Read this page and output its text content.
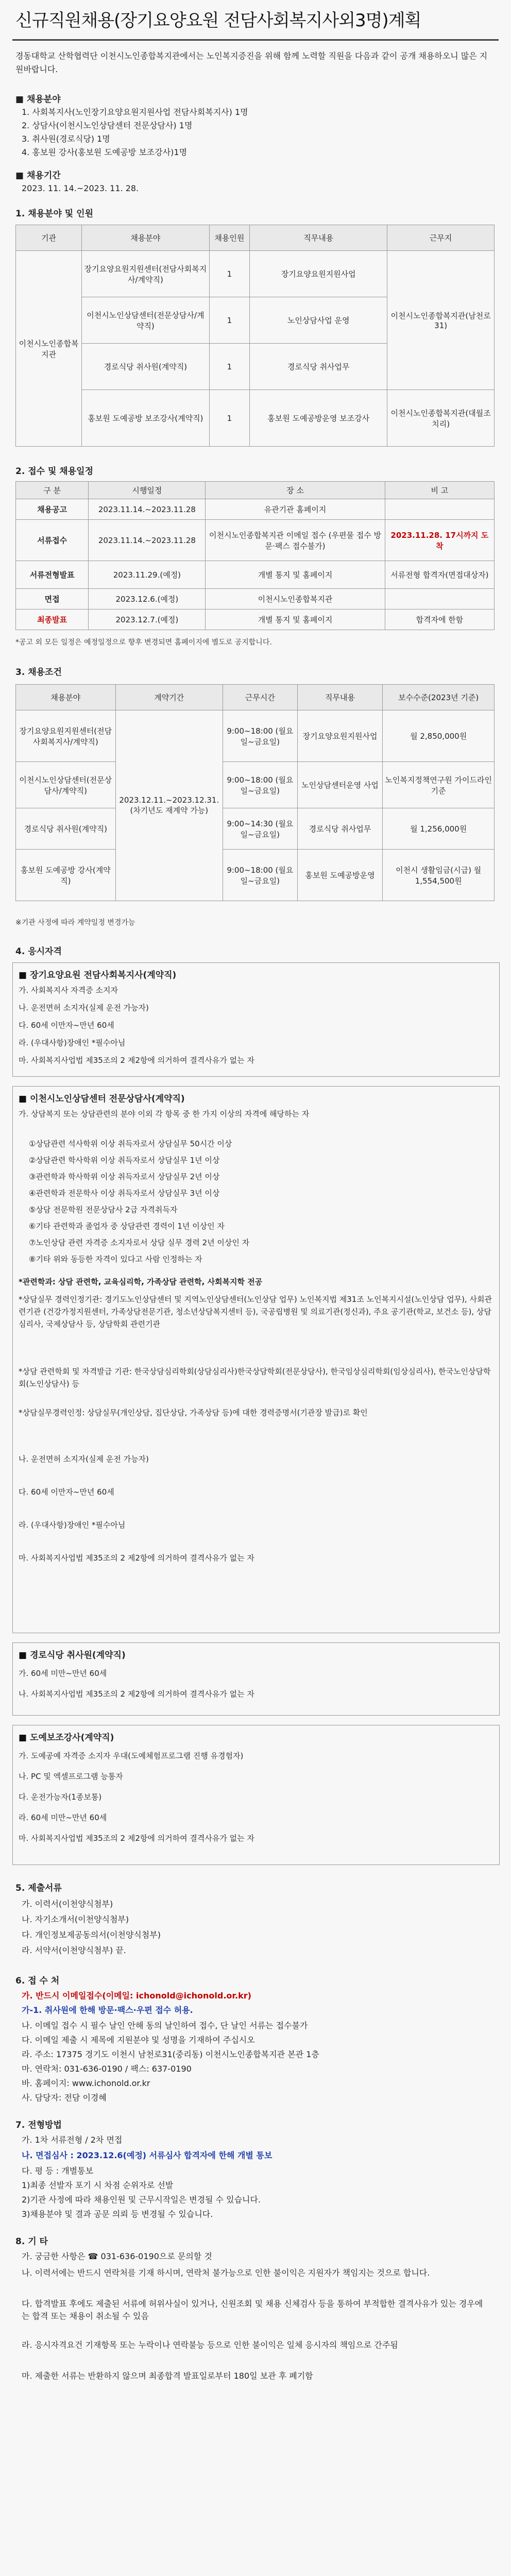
신규직원채용(장기요양요원 전담사회복지사외3명)계획
경동대학교 산학협력단 이천시노인종합복지관에서는 노인복지증진을 위해 함께 노력할 직원을 다음과 같이 공개 채용하오니 많은 지원바랍니다.
■ 채용분야
1. 사회복지사(노인장기요양요원지원사업 전담사회복지사) 1명
2. 상담사(이천시노인상담센터 전문상담사) 1명
3. 취사원(경로식당) 1명
4. 홍보원 강사(홍보원 도예공방 보조강사)1명
■ 채용기간
2023. 11. 14.~2023. 11. 28.
1. 채용분야 및 인원
기관	채용분야	채용인원	직무내용	근무지
이천시노인종합복지관	장기요양요원지원센터(전담사회복지사/계약직)	1	장기요양요원지원사업	이천시노인종합복지관(남천로 31)
	이천시노인상담센터(전문상담사/계약직)	1	노인상담사업 운영	
	경로식당 취사원(계약직)	1	경로식당 취사업무	
	홍보원 도예공방 보조강사(계약직)	1	홍보원 도예공방운영 보조강사	이천시노인종합복지관(대월조치리)
2. 접수 및 채용일정
구 분	시행일정	장 소	비 고
채용공고	2023.11.14.~2023.11.28	유관기관 홈페이지	
서류접수	2023.11.14.~2023.11.28	이천시노인종합복지관 이메일 접수 (우편물 접수 방문·팩스 접수불가)	2023.11.28. 17시까지 도착
서류전형발표	2023.11.29.(예정)	개별 통지 및 홈페이지	서류전형 합격자(면접대상자)
면접	2023.12.6.(예정)	이천시노인종합복지관	
최종발표	2023.12.7.(예정)	개별 통지 및 홈페이지	합격자에 한함
*공고 외 모든 일정은 예정일정으로 향후 변경되면 홈페이지에 별도로 공지합니다.
3. 채용조건
채용분야	계약기간	근무시간	직무내용	보수수준(2023년 기준)
장기요양요원지원센터(전담사회복지사/계약직)	2023.12.11.~2023.12.31.(차기년도 재계약 가능)	9:00~18:00 (월요일~금요일)	장기요양요원지원사업	월 2,850,000원
이천시노인상담센터(전문상담사/계약직)		9:00~18:00 (월요일~금요일)	노인상담센터운영 사업	노인복지정책연구원 가이드라인 기준
경로식당 취사원(계약직)		9:00~14:30 (월요일~금요일)	경로식당 취사업무	월 1,256,000원
홍보원 도예공방 강사(계약직)		9:00~18:00 (월요일~금요일)	홍보원 도예공방운영	이천시 생활임금(시급) 월 1,554,500원
※기관 사정에 따라 계약일정 변경가능
4. 응시자격
■ 장기요양요원 전담사회복지사(계약직)
가. 사회복지사 자격증 소지자
나. 운전면허 소지자(실제 운전 가능자)
다. 60세 이만자~만년 60세
라. (우대사항)장애인 *필수아님
마. 사회복지사업법 제35조의 2 제2항에 의거하여 결격사유가 없는 자
■ 이천시노인상담센터 전문상담사(계약직)
가. 상담복지 또는 상담관련의 분야 이외 각 항목 중 한 가지 이상의 자격에 해당하는 자
①상담관련 석사학위 이상 취득자로서 상담실무 50시간 이상
②상담관련 학사학위 이상 취득자로서 상담실무 1년 이상
③관련학과 학사학위 이상 취득자로서 상담실무 2년 이상
④관련학과 전문학사 이상 취득자로서 상담실무 3년 이상
⑤상담 전문학원 전문상담사 2급 자격취득자
⑥기타 관련학과 졸업자 중 상담관련 경력이 1년 이상인 자
⑦노인상담 관련 자격증 소지자로서 상담 실무 경력 2년 이상인 자
⑧기타 위와 동등한 자격이 있다고 사람 인정하는 자
*관련학과: 상담 관련학, 교육심리학, 가족상담 관련학, 사회복지학 전공
*상담실무 경력인정기관: 경기도노인상담센터 및 지역노인상담센터(노인상담 업무) 노인복지법 제31조 노인복지시설(노인상담 업무), 사회관련기관 (건강가정지원센터, 가족상담전문기관, 청소년상담복지센터 등), 국공립병원 및 의료기관(정신과), 주요 공기관(학교, 보건소 등), 상담심리사, 국제상담사 등, 상담학회 관련기관
*상담 관련학회 및 자격발급 기관: 한국상담심리학회(상담심리사)한국상담학회(전문상담사), 한국임상심리학회(임상심리사), 한국노인상담학회(노인상담사) 등
*상담실무경력인정: 상담실무(개인상담, 집단상담, 가족상담 등)에 대한 경력증명서(기관장 발급)로 확인
나. 운전면허 소지자(실제 운전 가능자)
다. 60세 이만자~만년 60세
라. (우대사항)장애인 *필수아님
마. 사회복지사업법 제35조의 2 제2항에 의거하여 결격사유가 없는 자
■ 경로식당 취사원(계약직)
가. 60세 미만~만년 60세
나. 사회복지사업법 제35조의 2 제2항에 의거하여 결격사유가 없는 자
■ 도예보조강사(계약직)
가. 도예공예 자격증 소지자 우대(도예체험프로그램 진행 유경험자)
나. PC 및 엑셀프로그램 능통자
다. 운전가능자(1종보통)
라. 60세 미만~만년 60세
마. 사회복지사업법 제35조의 2 제2항에 의거하여 결격사유가 없는 자
5. 제출서류
가. 이력서(이천양식첨부)
나. 자기소개서(이천양식첨부)
다. 개인정보제공동의서(이천양식첨부)
라. 서약서(이천양식첨부) 끝.
6. 접 수 처
가. 반드시 이메일접수(이메일: ichonold@ichonold.or.kr)
가-1. 취사원에 한해 방문·팩스·우편 접수 허용.
나. 이메일 접수 시 필수 날인 안해 동의 날인하여 접수, 단 날인 서류는 접수불가
다. 이메일 제출 시 제목에 지원분야 및 성명을 기재하여 주십시오
라. 주소: 17375 경기도 이천시 남천로31(중리동) 이천시노인종합복지관 본관 1층
마. 연락처: 031-636-0190 / 팩스: 637-0190
바. 홈페이지: www.ichonold.or.kr
사. 담당자: 전담 이경혜
7. 전형방법
가. 1차 서류전형 / 2차 면접
나. 면접심사 : 2023.12.6(예정) 서류심사 합격자에 한해 개별 통보
다. 평 등 : 개별통보
1)최종 선발자 포기 시 차점 순위자로 선발
2)기관 사정에 따라 채용인원 및 근무시작일은 변경될 수 있습니다.
3)채용분야 및 결과 공문 의뢰 등 변경될 수 있습니다.
8. 기 타
가. 궁금한 사항은 ☎ 031-636-0190으로 문의할 것
나. 이력서에는 반드시 연락처를 기재 하시며, 연락처 불가능으로 인한 불이익은 지원자가 책임지는 것으로 합니다.
다. 합격발표 후에도 제출된 서류에 허위사실이 있거나, 신원조회 및 채용 신체검사 등을 통하여 부적합한 결격사유가 있는 경우에는 합격 또는 채용이 취소될 수 있음
라. 응시자격요건 기재항목 또는 누락이나 연락불능 등으로 인한 불이익은 일체 응시자의 책임으로 간주됨
마. 제출한 서류는 반환하지 않으며 최종합격 발표일로부터 180일 보관 후 폐기함
